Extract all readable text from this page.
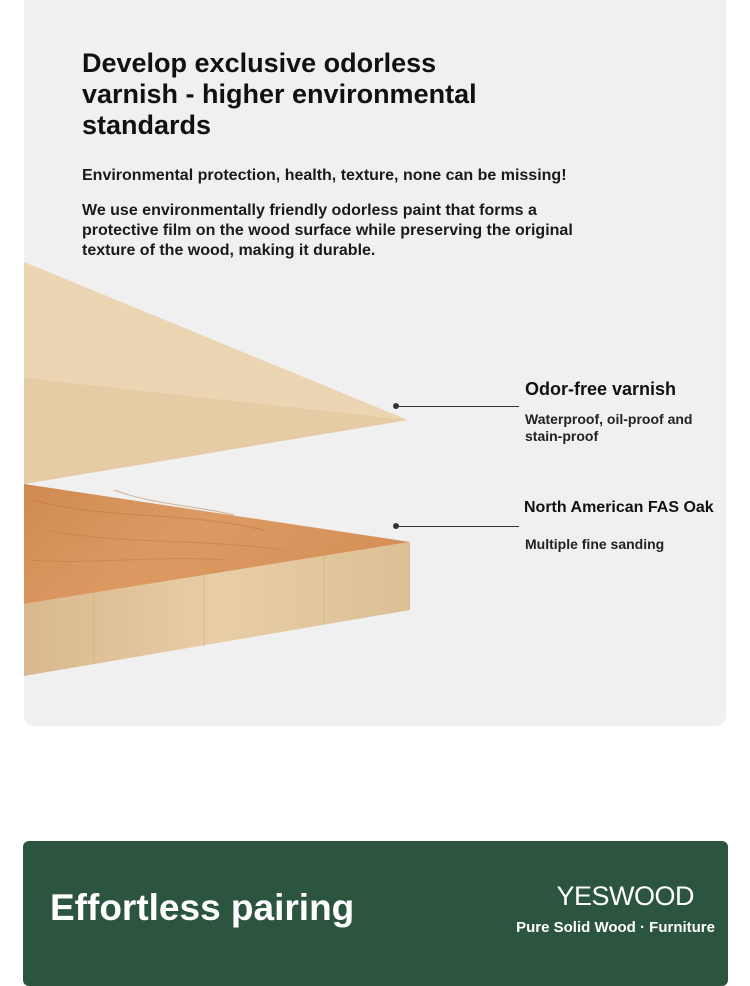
Develop exclusive odorless varnish - higher environmental standards

Environmental protection, health, texture, none can be missing!

We use environmentally friendly odorless paint that forms a protective film on the wood surface while preserving the original texture of the wood, making it durable.

Odor-free varnish

Waterproof, oil-proof and stain-proof

North American FAS Oak

Multiple fine sanding

Effortless pairing	YESWOOD

Pure Solid Wood · Furniture
